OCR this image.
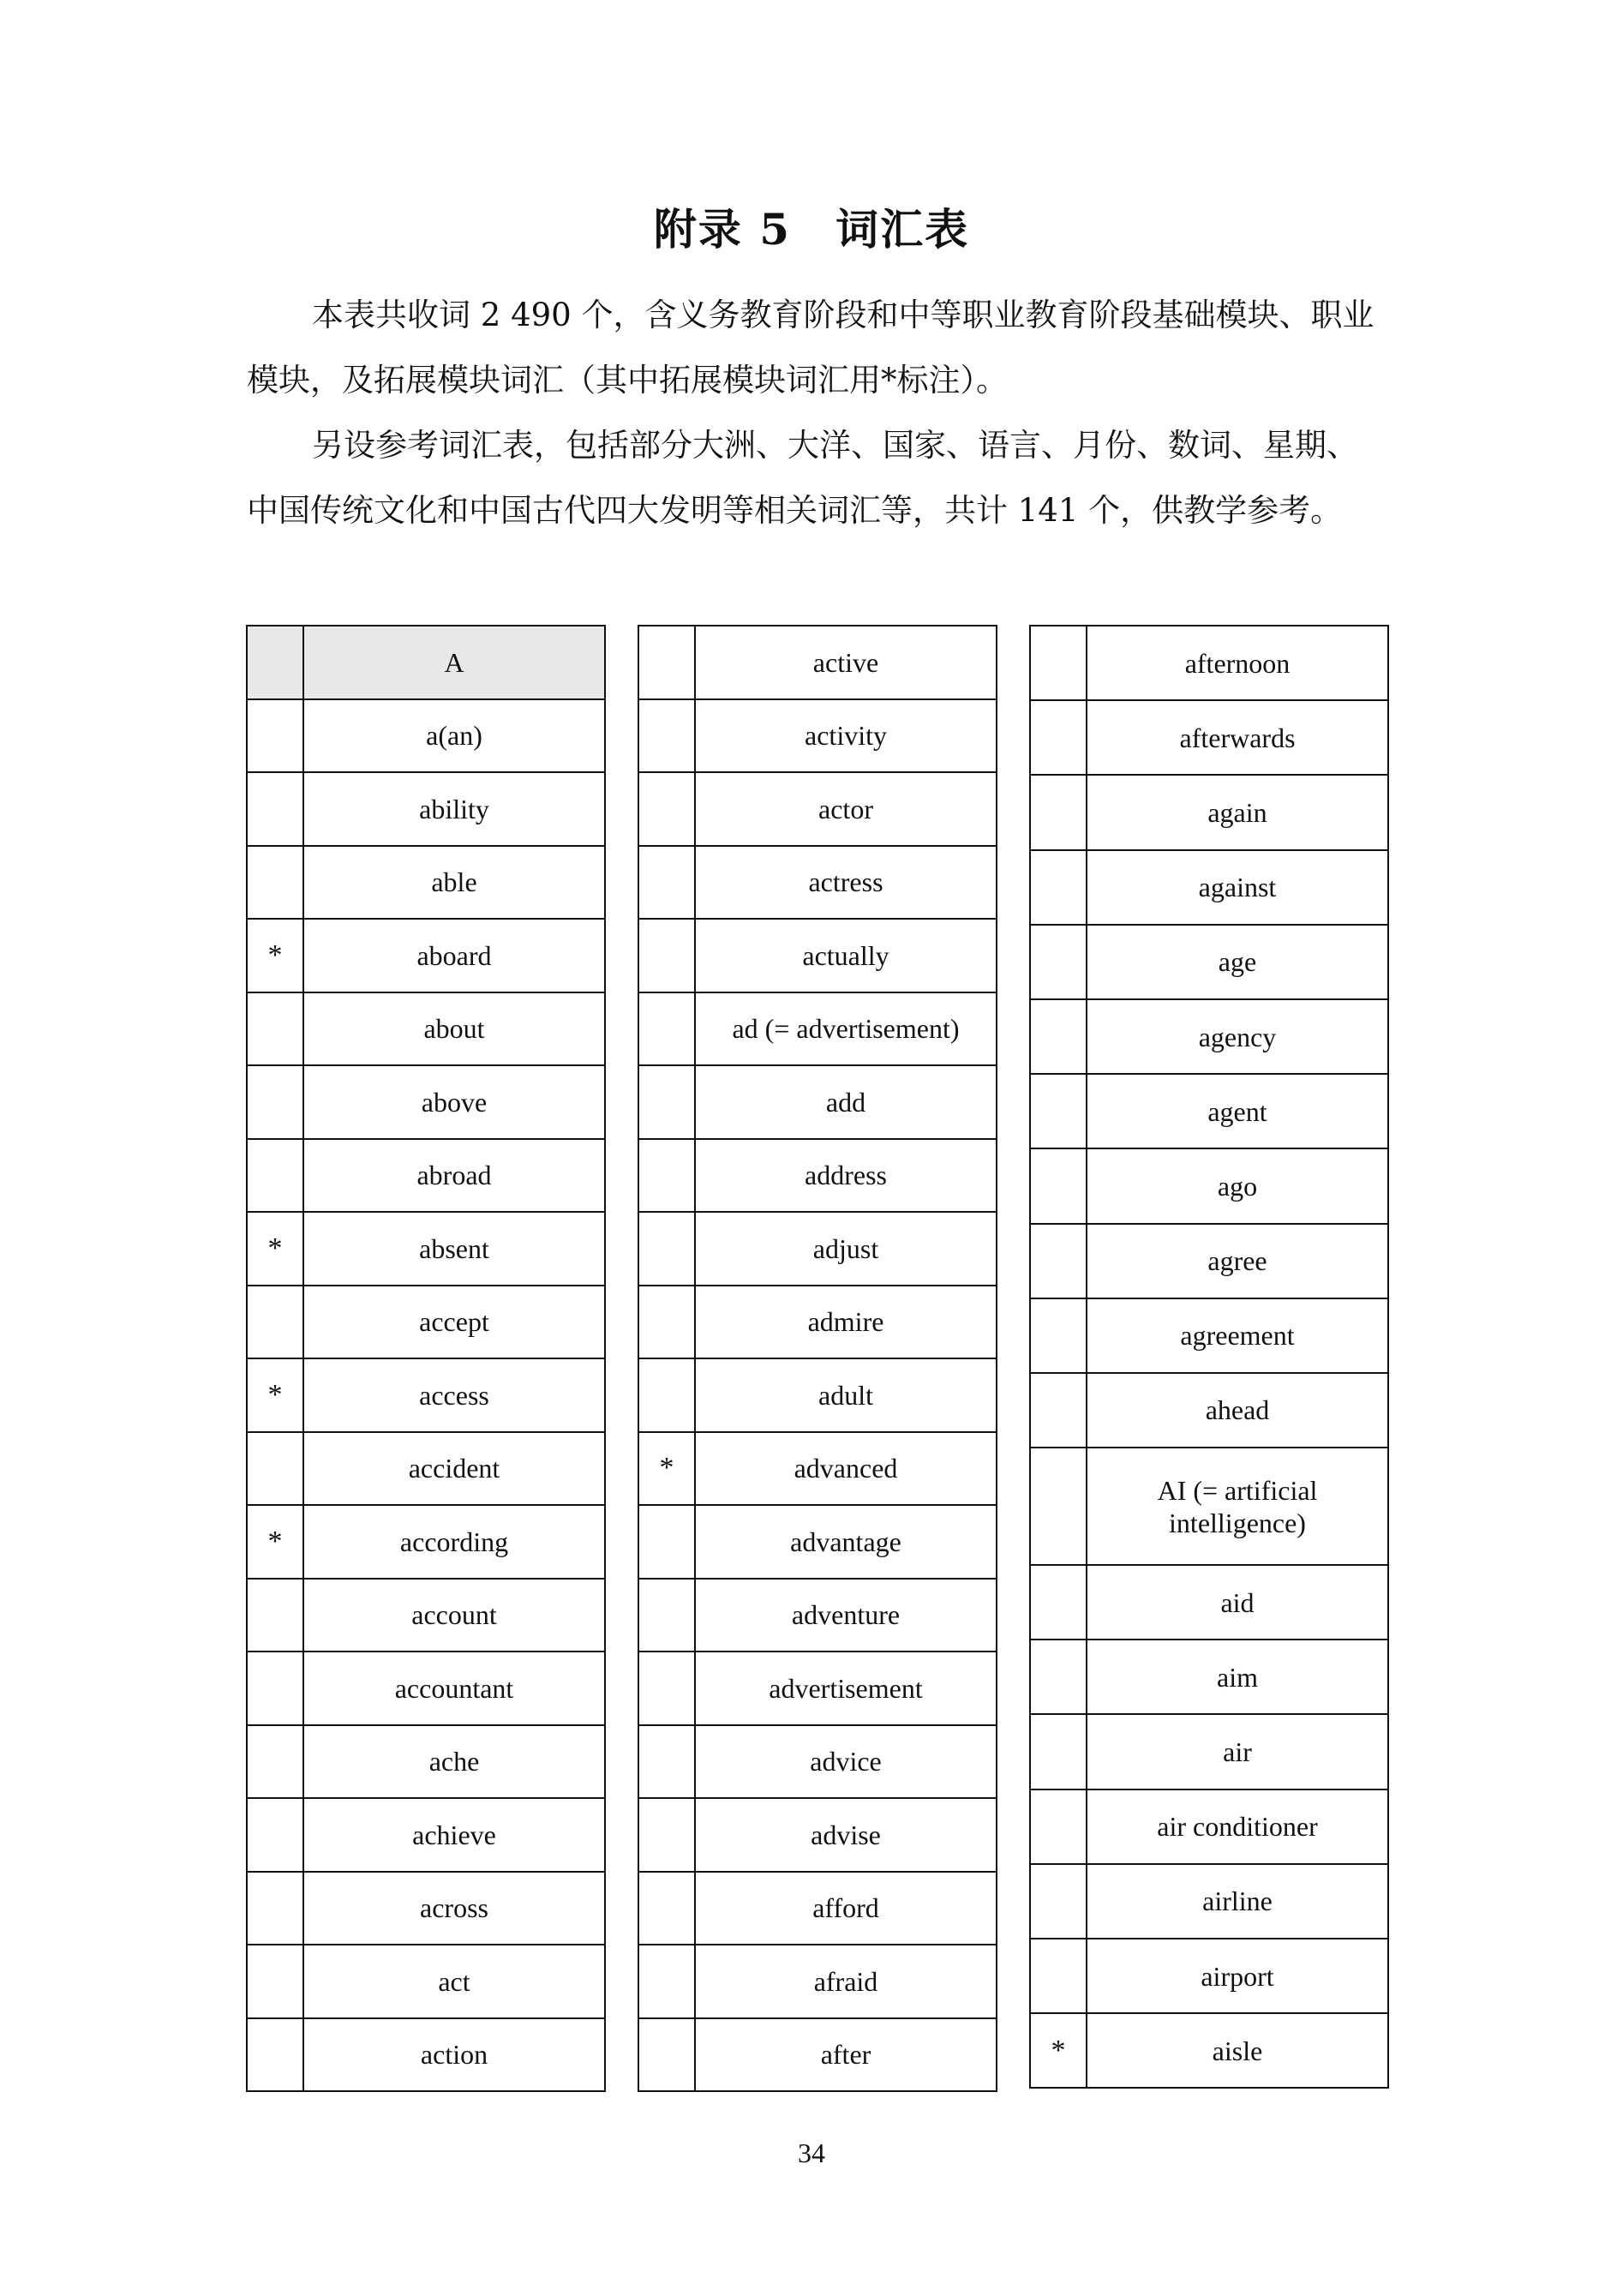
附录 5　词汇表

本表共收词 2 490 个，含义务教育阶段和中等职业教育阶段基础模块、职业模块，及拓展模块词汇（其中拓展模块词汇用*标注）。

另设参考词汇表，包括部分大洲、大洋、国家、语言、月份、数词、星期、中国传统文化和中国古代四大发明等相关词汇等，共计 141 个，供教学参考。

	A
	a(an)
	ability
	able
*	aboard
	about
	above
	abroad
*	absent
	accept
*	access
	accident
*	according
	account
	accountant
	ache
	achieve
	across
	act
	action
	active
	activity
	actor
	actress
	actually
	ad (= advertisement)
	add
	address
	adjust
	admire
	adult
*	advanced
	advantage
	adventure
	advertisement
	advice
	advise
	afford
	afraid
	after
	afternoon
	afterwards
	again
	against
	age
	agency
	agent
	ago
	agree
	agreement
	ahead
	AI (= artificial intelligence)
	aid
	aim
	air
	air conditioner
	airline
	airport
*	aisle
34
